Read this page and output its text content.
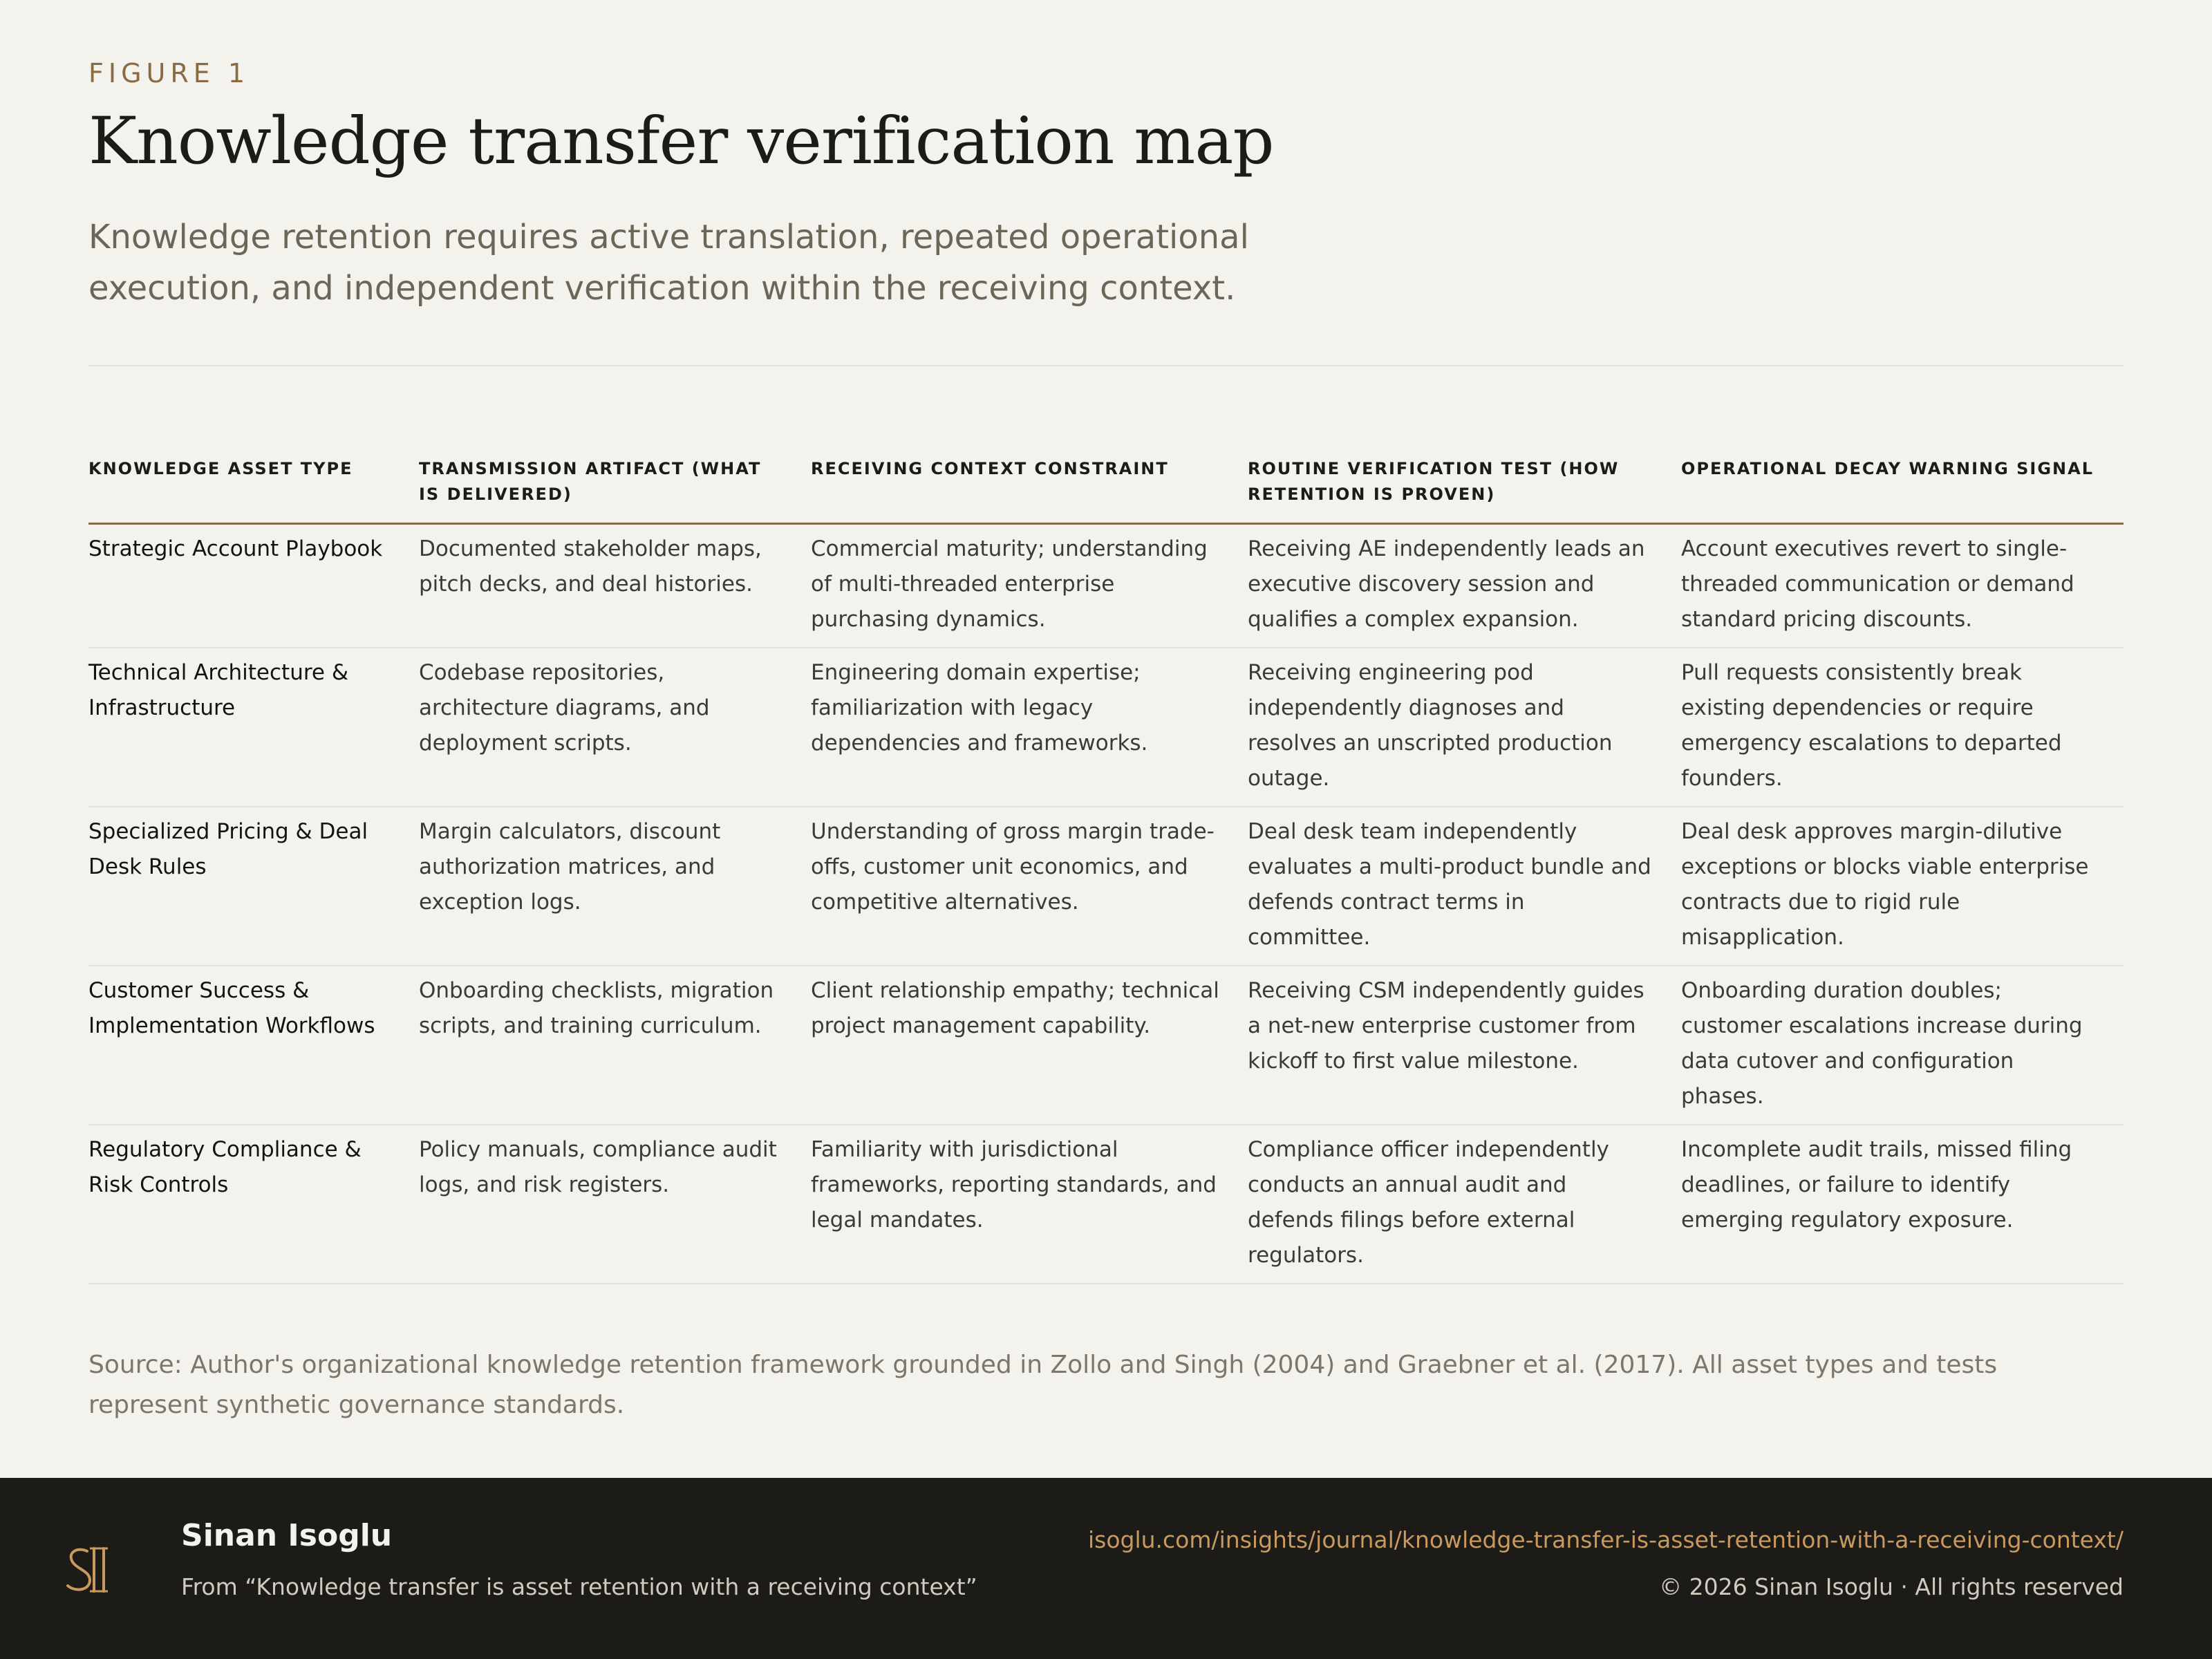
FIGURE 1
Knowledge transfer verification map

Knowledge retention requires active translation, repeated operational execution, and independent verification within the receiving context.

KNOWLEDGE ASSET TYPE	TRANSMISSION ARTIFACT (WHAT IS DELIVERED)	RECEIVING CONTEXT CONSTRAINT	ROUTINE VERIFICATION TEST (HOW RETENTION IS PROVEN)	OPERATIONAL DECAY WARNING SIGNAL
Strategic Account Playbook	Documented stakeholder maps, pitch decks, and deal histories.	Commercial maturity; understanding of multi-threaded enterprise purchasing dynamics.	Receiving AE independently leads an executive discovery session and qualifies a complex expansion.	Account executives revert to single-threaded communication or demand standard pricing discounts.
Technical Architecture & Infrastructure	Codebase repositories, architecture diagrams, and deployment scripts.	Engineering domain expertise; familiarization with legacy dependencies and frameworks.	Receiving engineering pod independently diagnoses and resolves an unscripted production outage.	Pull requests consistently break existing dependencies or require emergency escalations to departed founders.
Specialized Pricing & Deal Desk Rules	Margin calculators, discount authorization matrices, and exception logs.	Understanding of gross margin trade-offs, customer unit economics, and competitive alternatives.	Deal desk team independently evaluates a multi-product bundle and defends contract terms in committee.	Deal desk approves margin-dilutive exceptions or blocks viable enterprise contracts due to rigid rule misapplication.
Customer Success & Implementation Workflows	Onboarding checklists, migration scripts, and training curriculum.	Client relationship empathy; technical project management capability.	Receiving CSM independently guides a net-new enterprise customer from kickoff to first value milestone.	Onboarding duration doubles; customer escalations increase during data cutover and configuration phases.
Regulatory Compliance & Risk Controls	Policy manuals, compliance audit logs, and risk registers.	Familiarity with jurisdictional frameworks, reporting standards, and legal mandates.	Compliance officer independently conducts an annual audit and defends filings before external regulators.	Incomplete audit trails, missed filing deadlines, or failure to identify emerging regulatory exposure.

Source: Author's organizational knowledge retention framework grounded in Zollo and Singh (2004) and Graebner et al. (2017). All asset types and tests represent synthetic governance standards.

Sinan Isoglu
From “Knowledge transfer is asset retention with a receiving context”
isoglu.com/insights/journal/knowledge-transfer-is-asset-retention-with-a-receiving-context/
© 2026 Sinan Isoglu · All rights reserved
